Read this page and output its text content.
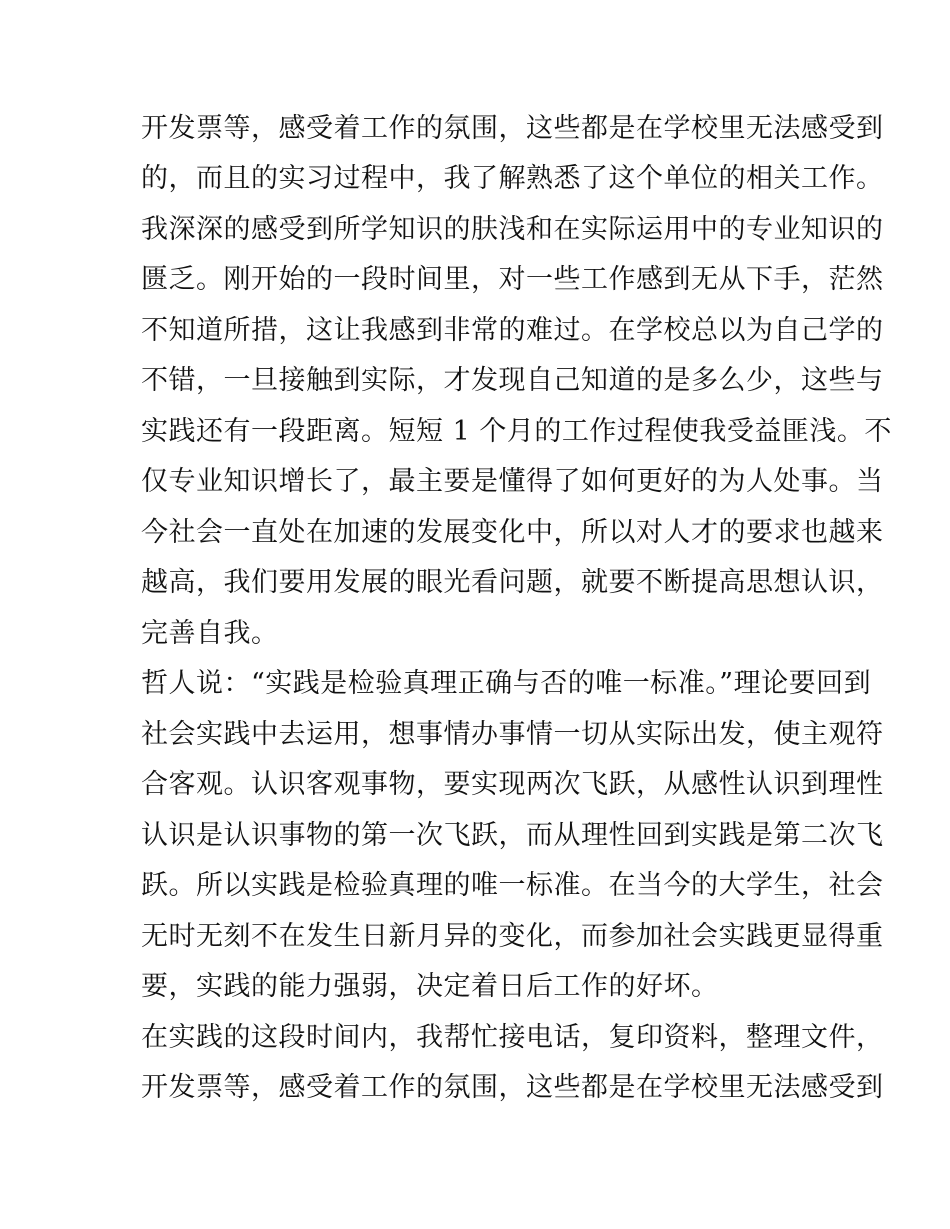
开发票等，感受着工作的氛围，这些都是在学校里无法感受到
的，而且的实习过程中，我了解熟悉了这个单位的相关工作。
我深深的感受到所学知识的肤浅和在实际运用中的专业知识的
匮乏。刚开始的一段时间里，对一些工作感到无从下手，茫然
不知道所措，这让我感到非常的难过。在学校总以为自己学的
不错，一旦接触到实际，才发现自己知道的是多么少，这些与
实践还有一段距离。短短 1 个月的工作过程使我受益匪浅。不
仅专业知识增长了，最主要是懂得了如何更好的为人处事。当
今社会一直处在加速的发展变化中，所以对人才的要求也越来
越高，我们要用发展的眼光看问题，就要不断提高思想认识，
完善自我。
哲人说：“实践是检验真理正确与否的唯一标准。”理论要回到
社会实践中去运用，想事情办事情一切从实际出发，使主观符
合客观。认识客观事物，要实现两次飞跃，从感性认识到理性
认识是认识事物的第一次飞跃，而从理性回到实践是第二次飞
跃。所以实践是检验真理的唯一标准。在当今的大学生，社会
无时无刻不在发生日新月异的变化，而参加社会实践更显得重
要，实践的能力强弱，决定着日后工作的好坏。
在实践的这段时间内，我帮忙接电话，复印资料，整理文件，
开发票等，感受着工作的氛围，这些都是在学校里无法感受到
